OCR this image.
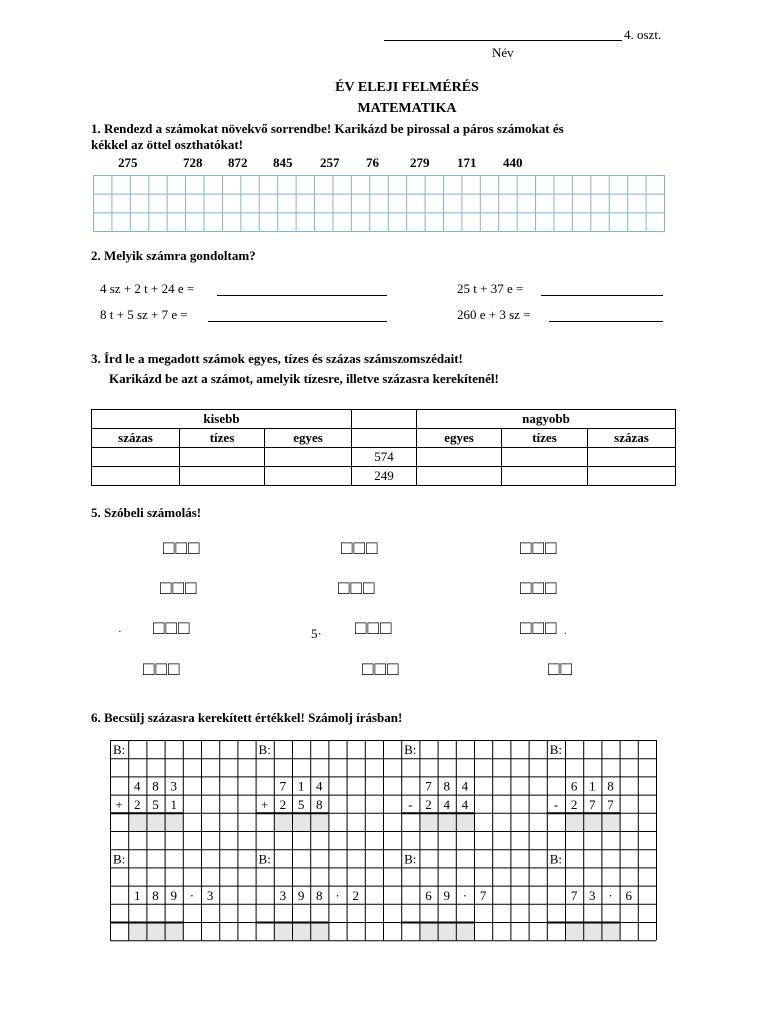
4. oszt.
Név
ÉV ELEJI FELMÉRÉS
MATEMATIKA
1. Rendezd a számokat növekvő sorrendbe! Karikázd be pirossal a páros számokat és
kékkel az öttel oszthatókat!
275	728 872 845 257 76 279 171 440
2. Melyik számra gondoltam?
4 sz + 2 t + 24 e =	25 t + 37 e =
8 t + 5 sz + 7 e =	260 e + 3 sz =
3. Írd le a megadott számok egyes, tízes és százas számszomszédait!
Karikázd be azt a számot, amelyik tízesre, illetve százasra kerekítenél!
kisebb				nagyobb		
százas	tízes	egyes		egyes	tízes	százas
			574			
			249			
5. Szóbeli számolás!
□□□	□□□	□□□
□□□	□□□	□□□
· □□□	5· □□□	□□□ .
□□□	□□□	□□
6. Becsülj százasra kerekített értékkel! Számolj írásban!
B:
B:
4 8 3
+ 2 5 1
1 8 9 · 3
B:
B:
7 1 4
+ 2 5 8
3 9 8 · 2
B:
B:
7 8 4
- 2 4 4
6 9 · 7
B:
B:
6 1 8
- 2 7 7
7 3 · 6
